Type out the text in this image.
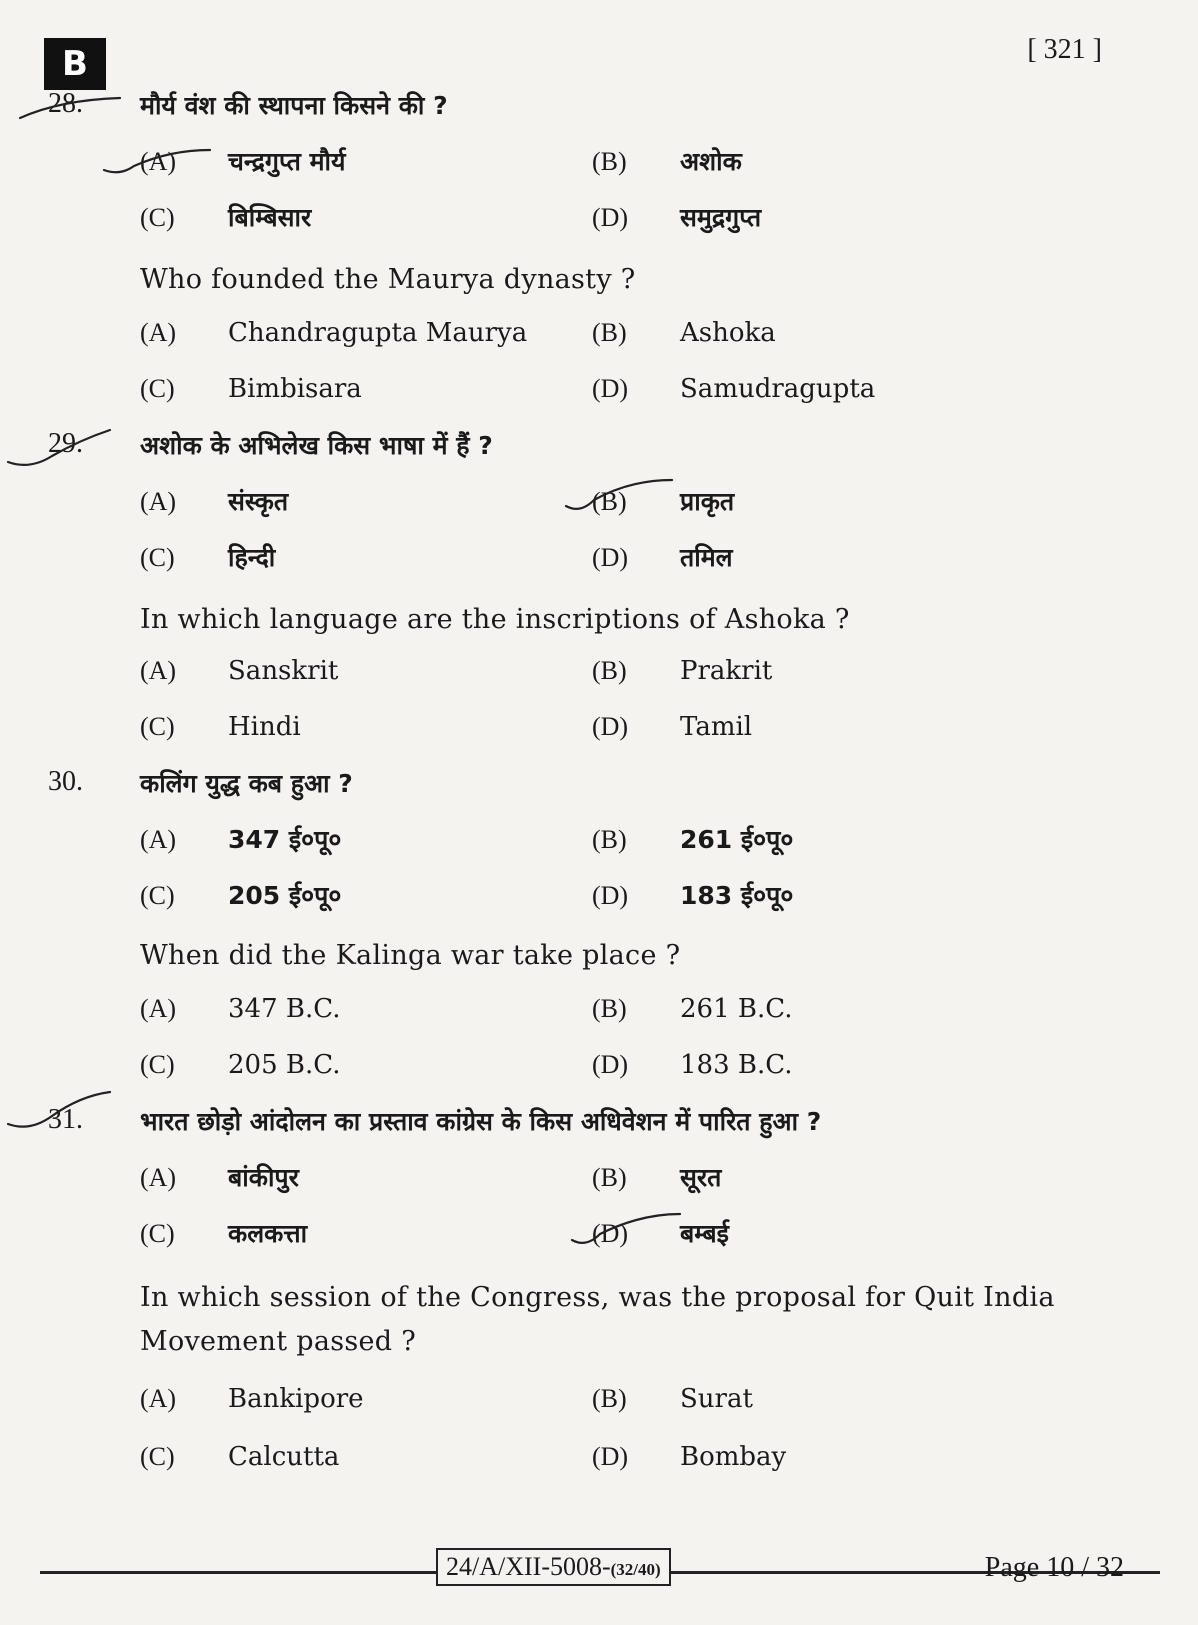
B	[ 321 ]
28. मौर्य वंश की स्थापना किसने की ?
(A)	चन्द्रगुप्त मौर्य	(B)	अशोक
(C)	बिम्बिसार	(D)	समुद्रगुप्त
Who founded the Maurya dynasty ?
(A)	Chandragupta Maurya (B)	Ashoka
(C)	Bimbisara	(D)	Samudragupta
29. अशोक के अभिलेख किस भाषा में हैं ?
(A)	संस्कृत	(B)	प्राकृत
(C)	हिन्दी	(D)	तमिल
In which language are the inscriptions of Ashoka ?
(A)	Sanskrit	(B)	Prakrit
(C)	Hindi	(D)	Tamil
30. कलिंग युद्ध कब हुआ ?
(A)	347 ई०पू०	(B)	261 ई०पू०
(C)	205 ई०पू०	(D)	183 ई०पू०
When did the Kalinga war take place ?
(A)	347 B.C.	(B)	261 B.C.
(C)	205 B.C.	(D)	183 B.C.
31. भारत छोड़ो आंदोलन का प्रस्ताव कांग्रेस के किस अधिवेशन में पारित हुआ ?
(A)	बांकीपुर	(B)	सूरत
(C)	कलकत्ता	(D)	बम्बई
In which session of the Congress, was the proposal for Quit India Movement passed ?
(A)	Bankipore	(B)	Surat
(C)	Calcutta	(D)	Bombay
24/A/XII-5008-(32/40)	Page 10 / 32
